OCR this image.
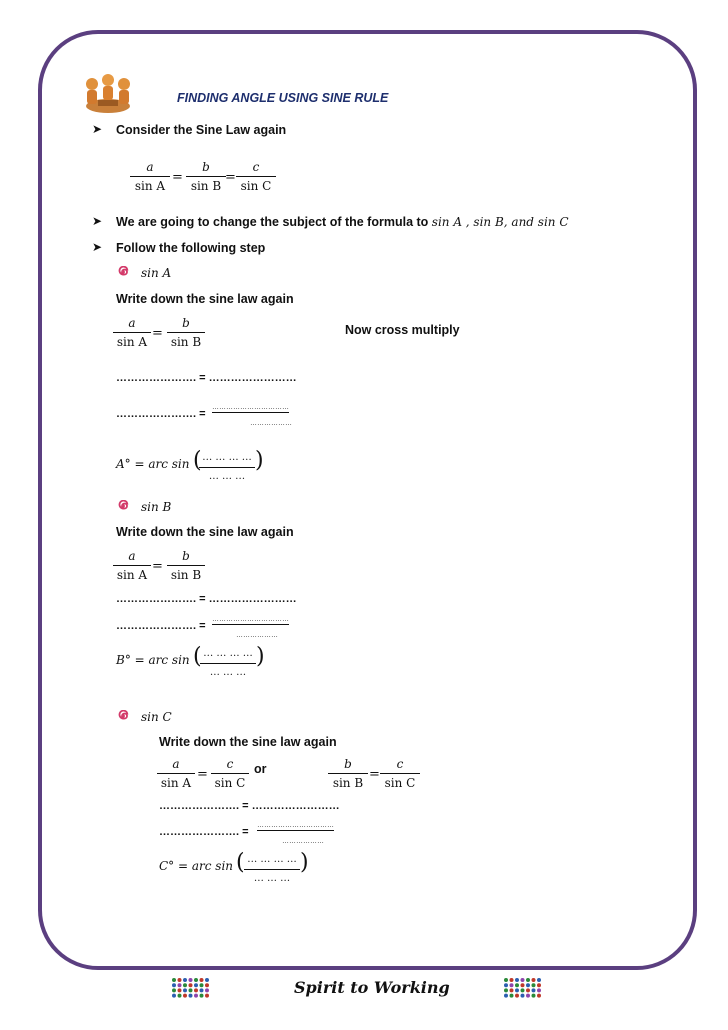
FINDING ANGLE USING SINE RULE
➤ Consider the Sine Law again
a
sin A
=
b
sin B
=
c
sin C
➤ We are going to change the subject of the formula to sin A , sin B, and sin C
➤ Follow the following step
sin A
Write down the sine law again
a
sin A
=
b
sin B
Now cross multiply
…………………. = ……………………
…………………. =
……………………………
………………
A° = arc sin ( … … … …
… … …
)
sin B
Write down the sine law again
a
sin A
=
b
sin B
…………………. = ……………………
…………………. =
……………………………
………………
B° = arc sin ( … … … …
… … …
)
sin C
Write down the sine law again
a
sin A
=
c
sin C
or	b
sin B
=
c
sin C
…………………. = ……………………
…………………. =
……………………………
………………
C° = arc sin ( … … … …
… … …
)
Spirit to Working
